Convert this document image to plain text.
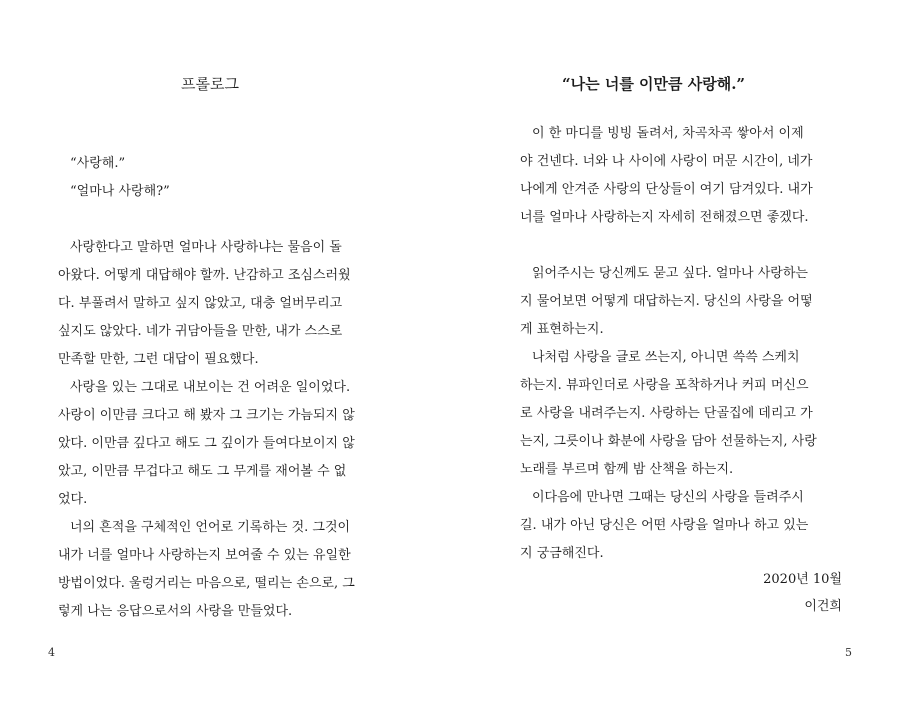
프롤로그
“사랑해.”
“얼마나 사랑해?”
사랑한다고 말하면 얼마나 사랑하냐는 물음이 돌
아왔다. 어떻게 대답해야 할까. 난감하고 조심스러웠
다. 부풀려서 말하고 싶지 않았고, 대충 얼버무리고
싶지도 않았다. 네가 귀담아들을 만한, 내가 스스로
만족할 만한, 그런 대답이 필요했다.
사랑을 있는 그대로 내보이는 건 어려운 일이었다.
사랑이 이만큼 크다고 해 봤자 그 크기는 가늠되지 않
았다. 이만큼 깊다고 해도 그 깊이가 들여다보이지 않
았고, 이만큼 무겁다고 해도 그 무게를 재어볼 수 없
었다.
너의 흔적을 구체적인 언어로 기록하는 것. 그것이
내가 너를 얼마나 사랑하는지 보여줄 수 있는 유일한
방법이었다. 울렁거리는 마음으로, 떨리는 손으로, 그
렇게 나는 응답으로서의 사랑을 만들었다.
4
“나는 너를 이만큼 사랑해.”
이 한 마디를 빙빙 돌려서, 차곡차곡 쌓아서 이제
야 건넨다. 너와 나 사이에 사랑이 머문 시간이, 네가
나에게 안겨준 사랑의 단상들이 여기 담겨있다. 내가
너를 얼마나 사랑하는지 자세히 전해졌으면 좋겠다.
읽어주시는 당신께도 묻고 싶다. 얼마나 사랑하는
지 물어보면 어떻게 대답하는지. 당신의 사랑을 어떻
게 표현하는지.
나처럼 사랑을 글로 쓰는지, 아니면 쓱쓱 스케치
하는지. 뷰파인더로 사랑을 포착하거나 커피 머신으
로 사랑을 내려주는지. 사랑하는 단골집에 데리고 가
는지, 그릇이나 화분에 사랑을 담아 선물하는지, 사랑
노래를 부르며 함께 밤 산책을 하는지.
이다음에 만나면 그때는 당신의 사랑을 들려주시
길. 내가 아닌 당신은 어떤 사랑을 얼마나 하고 있는
지 궁금해진다.
2020년 10월
이건희
5
